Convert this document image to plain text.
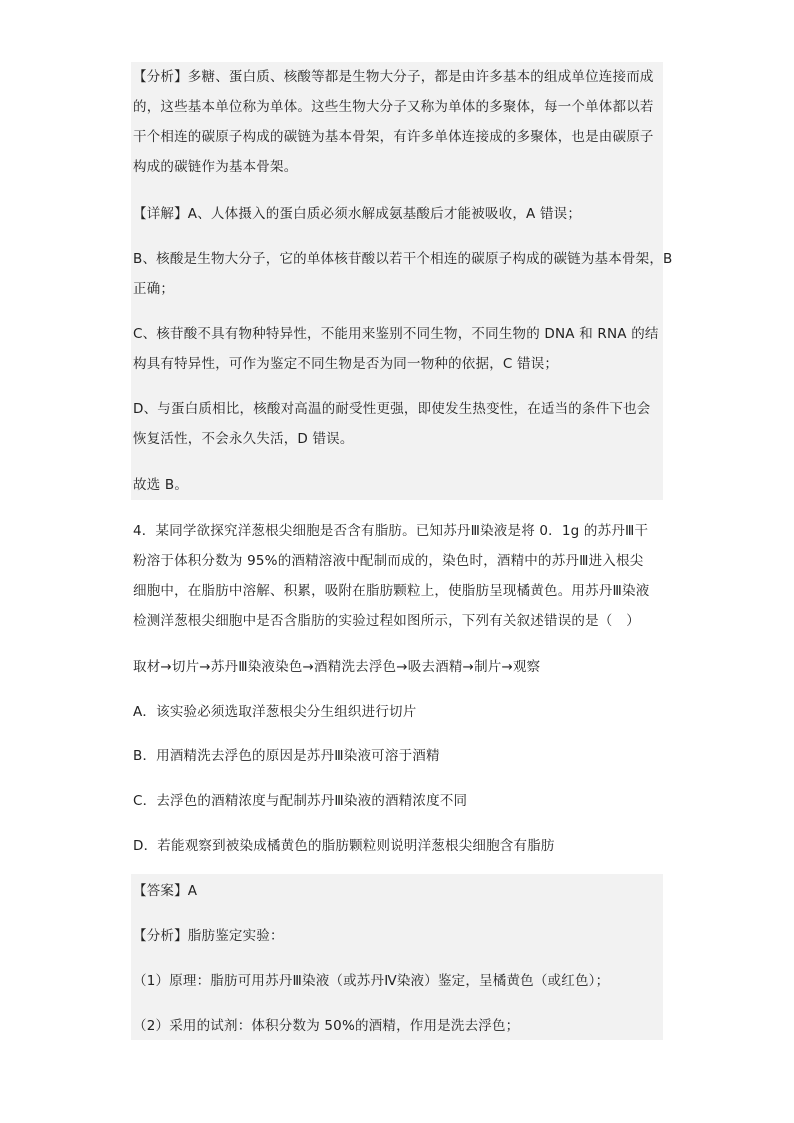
【分析】多糖、蛋白质、核酸等都是生物大分子，都是由许多基本的组成单位连接而成
的，这些基本单位称为单体。这些生物大分子又称为单体的多聚体，每一个单体都以若
干个相连的碳原子构成的碳链为基本骨架，有许多单体连接成的多聚体，也是由碳原子
构成的碳链作为基本骨架。
【详解】A、人体摄入的蛋白质必须水解成氨基酸后才能被吸收，A 错误；
B、核酸是生物大分子，它的单体核苷酸以若干个相连的碳原子构成的碳链为基本骨架，B
正确；
C、核苷酸不具有物种特异性，不能用来鉴别不同生物，不同生物的 DNA 和 RNA 的结
构具有特异性，可作为鉴定不同生物是否为同一物种的依据，C 错误；
D、与蛋白质相比，核酸对高温的耐受性更强，即使发生热变性，在适当的条件下也会
恢复活性，不会永久失活，D 错误。
故选 B。
4．某同学欲探究洋葱根尖细胞是否含有脂肪。已知苏丹Ⅲ染液是将 0．1g 的苏丹Ⅲ干
粉溶于体积分数为 95%的酒精溶液中配制而成的，染色时，酒精中的苏丹Ⅲ进入根尖
细胞中，在脂肪中溶解、积累，吸附在脂肪颗粒上，使脂肪呈现橘黄色。用苏丹Ⅲ染液
检测洋葱根尖细胞中是否含脂肪的实验过程如图所示，下列有关叙述错误的是（　）
取材→切片→苏丹Ⅲ染液染色→酒精洗去浮色→吸去酒精→制片→观察
A．该实验必须选取洋葱根尖分生组织进行切片
B．用酒精洗去浮色的原因是苏丹Ⅲ染液可溶于酒精
C．去浮色的酒精浓度与配制苏丹Ⅲ染液的酒精浓度不同
D．若能观察到被染成橘黄色的脂肪颗粒则说明洋葱根尖细胞含有脂肪
【答案】A
【分析】脂肪鉴定实验：
（1）原理：脂肪可用苏丹Ⅲ染液（或苏丹Ⅳ染液）鉴定，呈橘黄色（或红色）；
（2）采用的试剂：体积分数为 50%的酒精，作用是洗去浮色；
